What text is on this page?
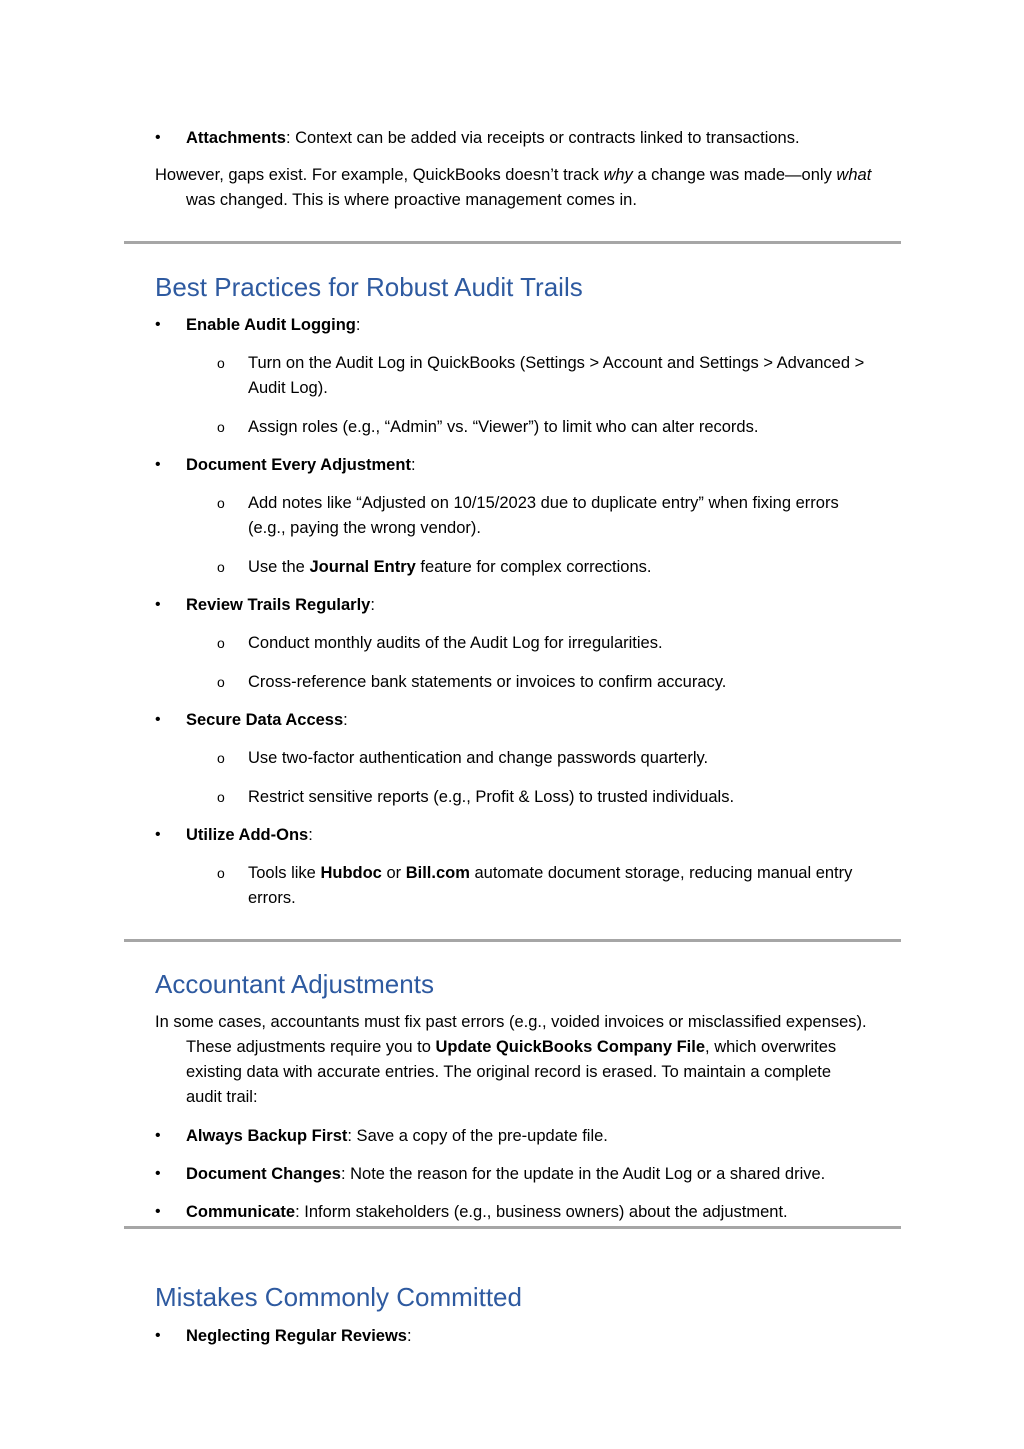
• Attachments: Context can be added via receipts or contracts linked to transactions.
However, gaps exist. For example, QuickBooks doesn’t track why a change was made—only what
was changed. This is where proactive management comes in.
Best Practices for Robust Audit Trails
• Enable Audit Logging:
o Turn on the Audit Log in QuickBooks (Settings > Account and Settings > Advanced >
Audit Log).
o Assign roles (e.g., “Admin” vs. “Viewer”) to limit who can alter records.
• Document Every Adjustment:
o Add notes like “Adjusted on 10/15/2023 due to duplicate entry” when fixing errors
(e.g., paying the wrong vendor).
o Use the Journal Entry feature for complex corrections.
• Review Trails Regularly:
o Conduct monthly audits of the Audit Log for irregularities.
o Cross-reference bank statements or invoices to confirm accuracy.
• Secure Data Access:
o Use two-factor authentication and change passwords quarterly.
o Restrict sensitive reports (e.g., Profit & Loss) to trusted individuals.
• Utilize Add-Ons:
o Tools like Hubdoc or Bill.com automate document storage, reducing manual entry
errors.
Accountant Adjustments
In some cases, accountants must fix past errors (e.g., voided invoices or misclassified expenses).
These adjustments require you to Update QuickBooks Company File, which overwrites
existing data with accurate entries. The original record is erased. To maintain a complete
audit trail:
• Always Backup First: Save a copy of the pre-update file.
• Document Changes: Note the reason for the update in the Audit Log or a shared drive.
• Communicate: Inform stakeholders (e.g., business owners) about the adjustment.
Mistakes Commonly Committed
• Neglecting Regular Reviews:
